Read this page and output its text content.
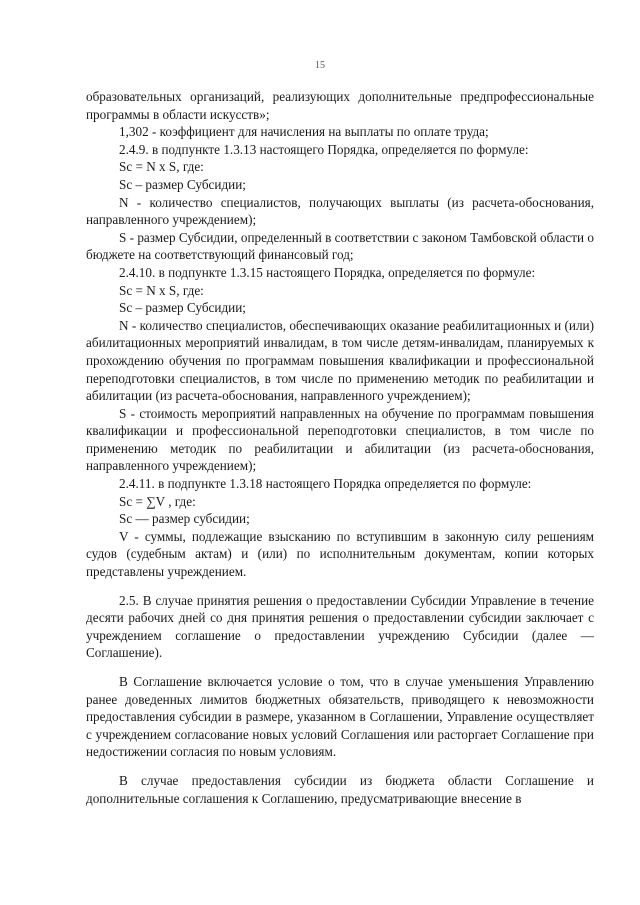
15

образовательных организаций, реализующих дополнительные предпрофессиональные программы в области искусств»;

1,302 - коэффициент для начисления на выплаты по оплате труда;

2.4.9. в подпункте 1.3.13 настоящего Порядка, определяется по формуле:

Sс = N x S, где:

Sс – размер Субсидии;

N - количество специалистов, получающих выплаты (из расчета-обоснования, направленного учреждением);

S - размер Субсидии, определенный в соответствии с законом Тамбовской области о бюджете на соответствующий финансовый год;

2.4.10. в подпункте 1.3.15 настоящего Порядка, определяется по формуле:

Sс = N x S, где:

Sс – размер Субсидии;

N - количество специалистов, обеспечивающих оказание реабилитационных и (или) абилитационных мероприятий инвалидам, в том числе детям-инвалидам, планируемых к прохождению обучения по программам повышения квалификации и профессиональной переподготовки специалистов, в том числе по применению методик по реабилитации и абилитации (из расчета-обоснования, направленного учреждением);

S - стоимость мероприятий направленных на обучение по программам повышения квалификации и профессиональной переподготовки специалистов, в том числе по применению методик по реабилитации и абилитации (из расчета-обоснования, направленного учреждением);

2.4.11. в подпункте 1.3.18 настоящего Порядка определяется по формуле:

Sс = ∑V , где:

Sс — размер субсидии;

V - суммы, подлежащие взысканию по вступившим в законную силу решениям судов (судебным актам) и (или) по исполнительным документам, копии которых представлены учреждением.

2.5. В случае принятия решения о предоставлении Субсидии Управление в течение десяти рабочих дней со дня принятия решения о предоставлении субсидии заключает с учреждением соглашение о предоставлении учреждению Субсидии (далее — Соглашение).

В Соглашение включается условие о том, что в случае уменьшения Управлению ранее доведенных лимитов бюджетных обязательств, приводящего к невозможности предоставления субсидии в размере, указанном в Соглашении, Управление осуществляет с учреждением согласование новых условий Соглашения или расторгает Соглашение при недостижении согласия по новым условиям.

В случае предоставления субсидии из бюджета области Соглашение и дополнительные соглашения к Соглашению, предусматривающие внесение в
